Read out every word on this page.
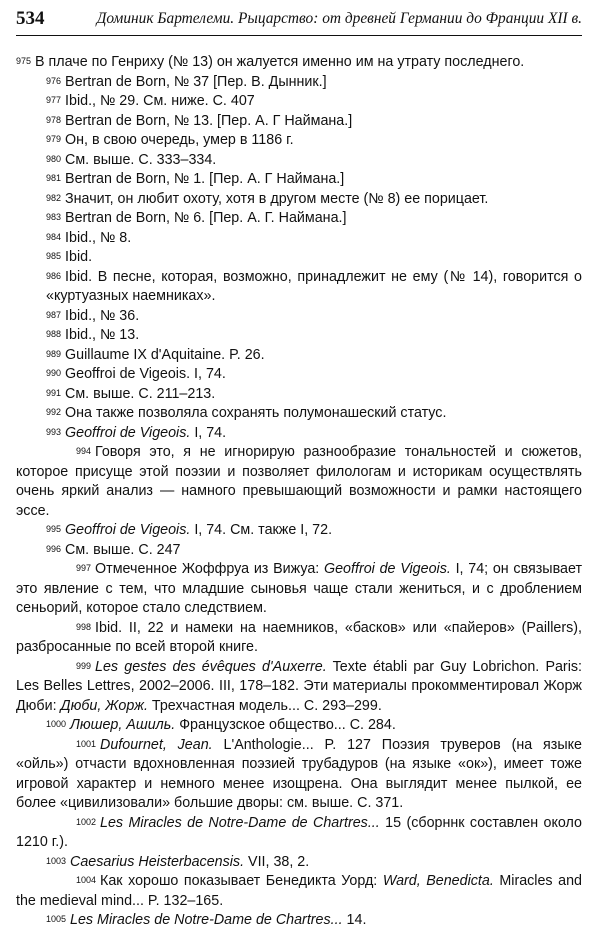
534	Доминик Бартелеми. Рыцарство: от древней Германии до Франции XII в.

975 В плаче по Генриху (№ 13) он жалуется именно им на утрату последнего.

976 Bertran de Born, № 37 [Пер. В. Дынник.]

977 Ibid., № 29. См. ниже. С. 407

978 Bertran de Born, № 13. [Пер. А. Г Наймана.]

979 Он, в свою очередь, умер в 1186 г.

980 См. выше. С. 333–334.

981 Bertran de Born, № 1. [Пер. А. Г Наймана.]

982 Значит, он любит охоту, хотя в другом месте (№ 8) ее порицает.

983 Bertran de Born, № 6. [Пер. А. Г. Наймана.]

984 Ibid., № 8.

985 Ibid.

986 Ibid. В песне, которая, возможно, принадлежит не ему (№ 14), говорится о «куртуазных наемниках».

987 Ibid., № 36.

988 Ibid., № 13.

989 Guillaume IX d'Aquitaine. P. 26.

990 Geoffroi de Vigeois. I, 74.

991 См. выше. С. 211–213.

992 Она также позволяла сохранять полумонашеский статус.

993 Geoffroi de Vigeois. I, 74.

994 Говоря это, я не игнорирую разнообразие тональностей и сюжетов, которое присуще этой поэзии и позволяет филологам и историкам осуществлять очень яркий анализ — намного превышающий возможности и рамки настоящего эссе.

995 Geoffroi de Vigeois. I, 74. См. также I, 72.

996 См. выше. С. 247

997 Отмеченное Жоффруа из Вижуа: Geoffroi de Vigeois. I, 74; он связывает это явление с тем, что младшие сыновья чаще стали жениться, и с дроблением сеньорий, которое стало следствием.

998 Ibid. II, 22 и намеки на наемников, «басков» или «пайеров» (Paillers), разбросанные по всей второй книге.

999 Les gestes des évêques d'Auxerre. Texte établi par Guy Lobrichon. Paris: Les Belles Lettres, 2002–2006. III, 178–182. Эти материалы прокомментировал Жорж Дюби: Дюби, Жорж. Трехчастная модель... С. 293–299.

1000 Люшер, Ашиль. Французское общество... С. 284.

1001 Dufournet, Jean. L'Anthologie... P. 127 Поэзия труверов (на языке «ойль») отчасти вдохновленная поэзией трубадуров (на языке «ок»), имеет тоже игровой характер и немного менее изощрена. Она выглядит менее пылкой, ее более «цивилизовали» большие дворы: см. выше. С. 371.

1002 Les Miracles de Notre-Dame de Chartres... 15 (сборннк составлен около 1210 г.).

1003 Caesarius Heisterbacensis. VII, 38, 2.

1004 Как хорошо показывает Бенедикта Уорд: Ward, Benedicta. Miracles and the medieval mind... P. 132–165.

1005 Les Miracles de Notre-Dame de Chartres... 14.
